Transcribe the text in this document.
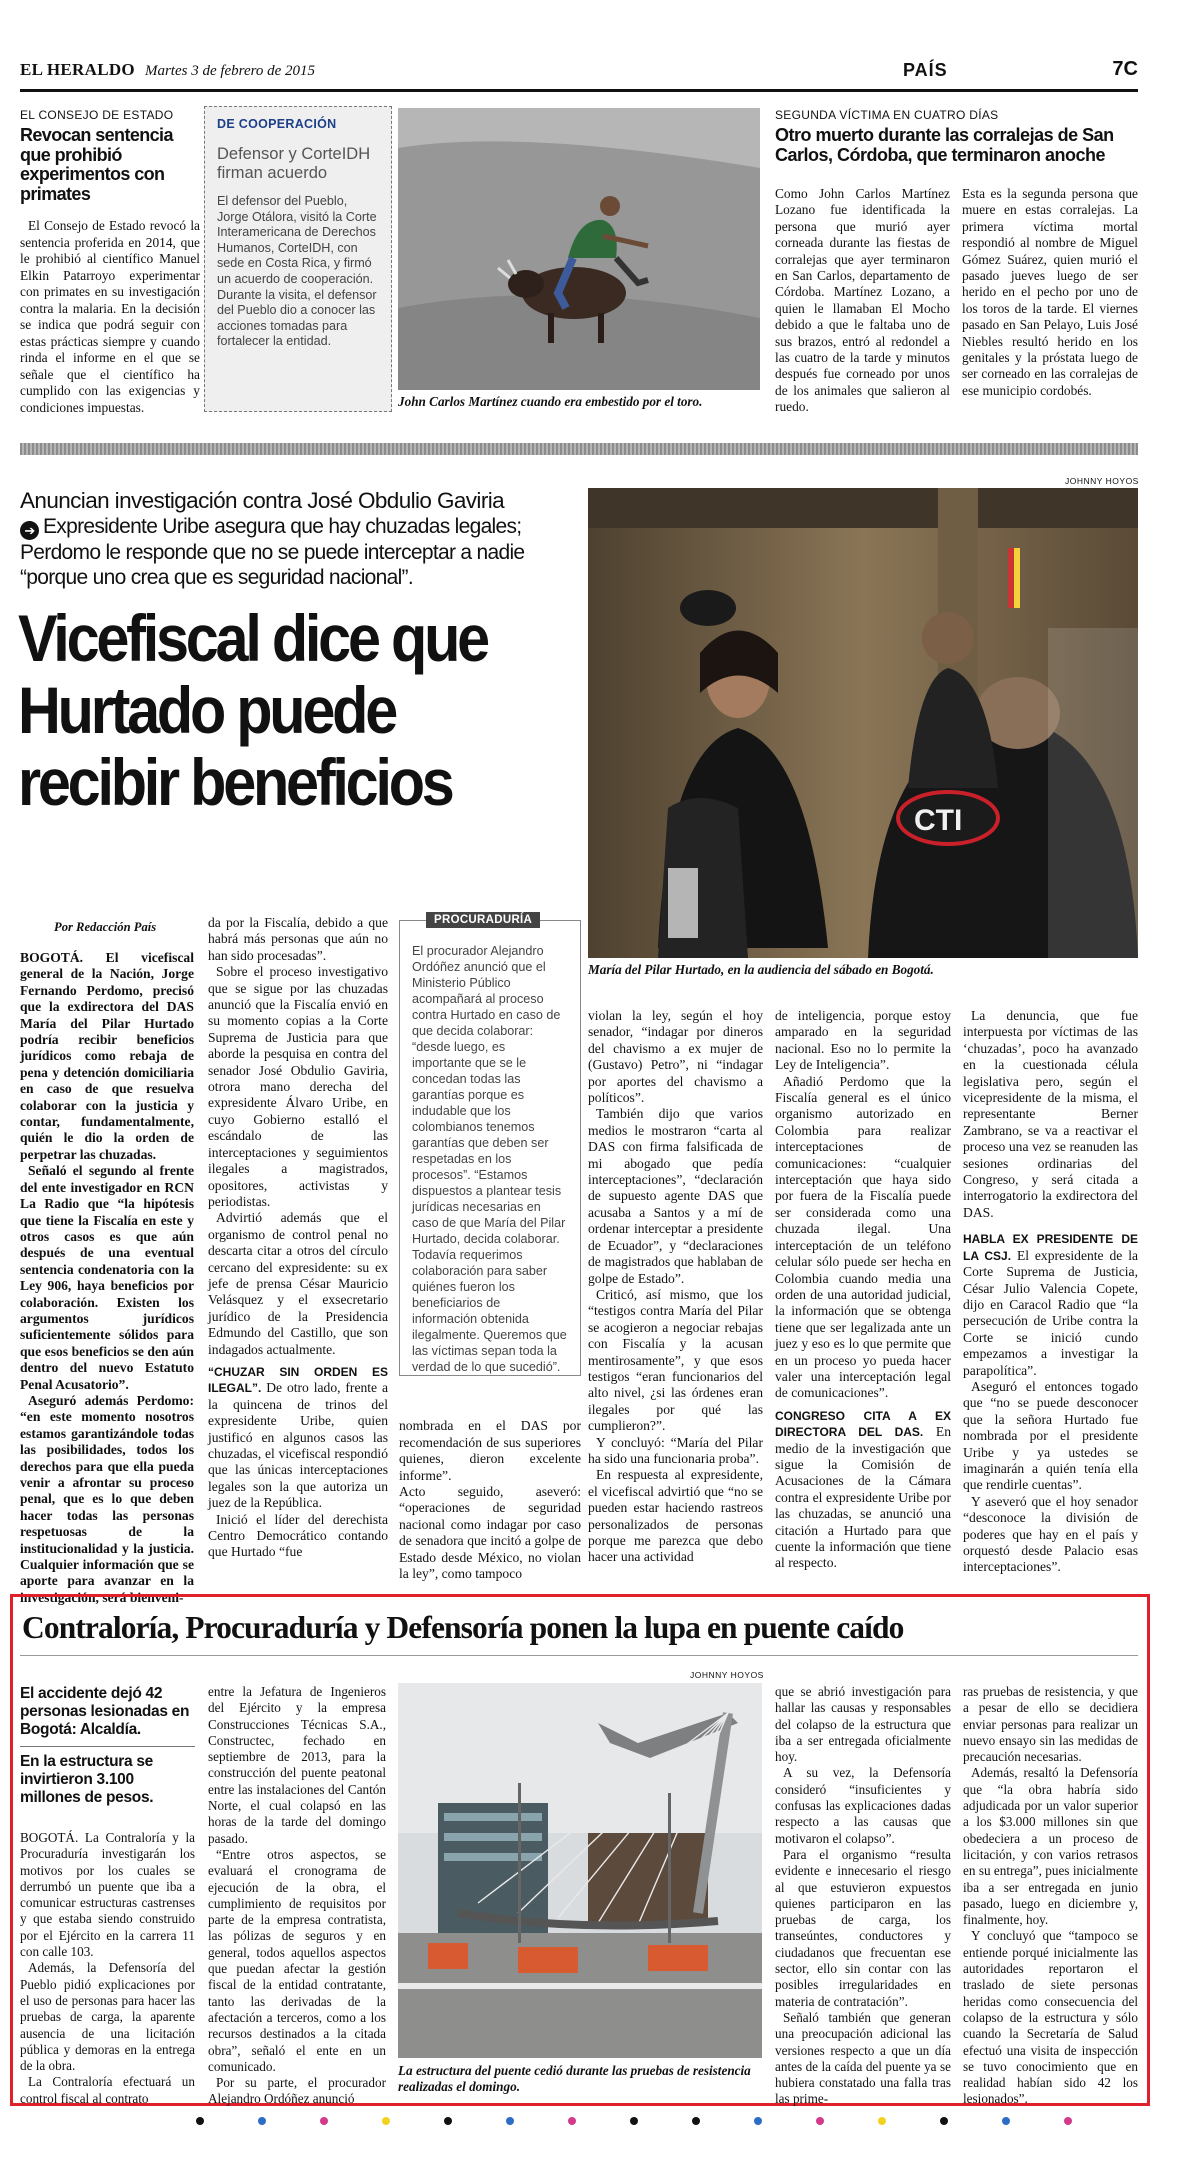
EL HERALDO Martes 3 de febrero de 2015	PAÍS	7C
EL CONSEJO DE ESTADO
Revocan sentencia que prohibió experimentos con primates

El Consejo de Estado revocó la sentencia proferida en 2014, que le prohibió al científico Manuel Elkin Patarroyo experimentar con primates en su investigación contra la malaria. En la decisión se indica que podrá seguir con estas prácticas siempre y cuando rinda el informe en el que se señale que el científico ha cumplido con las exigencias y condiciones impuestas.

DE COOPERACIÓN
Defensor y CorteIDH firman acuerdo
El defensor del Pueblo, Jorge Otálora, visitó la Corte Interamericana de Derechos Humanos, CorteIDH, con sede en Costa Rica, y firmó un acuerdo de cooperación. Durante la visita, el defensor del Pueblo dio a conocer las acciones tomadas para fortalecer la entidad.
John Carlos Martínez cuando era embestido por el toro.
SEGUNDA VÍCTIMA EN CUATRO DÍAS
Otro muerto durante las corralejas de San Carlos, Córdoba, que terminaron anoche

Como John Carlos Martínez Lozano fue identificada la persona que murió ayer corneada durante las fiestas de corralejas que ayer terminaron en San Carlos, departamento de Córdoba. Martínez Lozano, a quien le llamaban El Mocho debido a que le faltaba uno de sus brazos, entró al redondel a las cuatro de la tarde y minutos después fue corneado por unos de los animales que salieron al ruedo.

Esta es la segunda persona que muere en estas corralejas. La primera víctima mortal respondió al nombre de Miguel Gómez Suárez, quien murió el pasado jueves luego de ser herido en el pecho por uno de los toros de la tarde. El viernes pasado en San Pelayo, Luis José Niebles resultó herido en los genitales y la próstata luego de ser corneado en las corralejas de ese municipio cordobés.

JOHNNY HOYOS
Anuncian investigación contra José Obdulio Gaviria
➔ Expresidente Uribe asegura que hay chuzadas legales; Perdomo le responde que no se puede interceptar a nadie “porque uno crea que es seguridad nacional”.
Vicefiscal dice que Hurtado puede recibir beneficios
CTI
María del Pilar Hurtado, en la audiencia del sábado en Bogotá.
Por Redacción País

BOGOTÁ. El vicefiscal general de la Nación, Jorge Fernando Perdomo, precisó que la exdirectora del DAS María del Pilar Hurtado podría recibir beneficios jurídicos como rebaja de pena y detención domiciliaria en caso de que resuelva colaborar con la justicia y contar, fundamentalmente, quién le dio la orden de perpetrar las chuzadas.

Señaló el segundo al frente del ente investigador en RCN La Radio que “la hipótesis que tiene la Fiscalía en este y otros casos es que aún después de una eventual sentencia condenatoria con la Ley 906, haya beneficios por colaboración. Existen los argumentos jurídicos suficientemente sólidos para que esos beneficios se den aún dentro del nuevo Estatuto Penal Acusatorio”.

Aseguró además Perdomo: “en este momento nosotros estamos garantizándole todas las posibilidades, todos los derechos para que ella pueda venir a afrontar su proceso penal, que es lo que deben hacer todas las personas respetuosas de la institucionalidad y la justicia. Cualquier información que se aporte para avanzar en la investigación, será bienveni-

da por la Fiscalía, debido a que habrá más personas que aún no han sido procesadas”.

Sobre el proceso investigativo que se sigue por las chuzadas anunció que la Fiscalía envió en su momento copias a la Corte Suprema de Justicia para que aborde la pesquisa en contra del senador José Obdulio Gaviria, otrora mano derecha del expresidente Álvaro Uribe, en cuyo Gobierno estalló el escándalo de las interceptaciones y seguimientos ilegales a magistrados, opositores, activistas y periodistas.

Advirtió además que el organismo de control penal no descarta citar a otros del círculo cercano del expresidente: su ex jefe de prensa César Mauricio Velásquez y el exsecretario jurídico de la Presidencia Edmundo del Castillo, que son indagados actualmente.

“CHUZAR SIN ORDEN ES ILEGAL”. De otro lado, frente a la quincena de trinos del expresidente Uribe, quien justificó en algunos casos las chuzadas, el vicefiscal respondió que las únicas interceptaciones legales son la que autoriza un juez de la República.

Inició el líder del derechista Centro Democrático contando que Hurtado “fue

PROCURADURÍA
El procurador Alejandro Ordóñez anunció que el Ministerio Público acompañará al proceso contra Hurtado en caso de que decida colaborar: “desde luego, es importante que se le concedan todas las garantías porque es indudable que los colombianos tenemos garantías que deben ser respetadas en los procesos”. “Estamos dispuestos a plantear tesis jurídicas necesarias en caso de que María del Pilar Hurtado, decida colaborar. Todavía requerimos colaboración para saber quiénes fueron los beneficiarios de información obtenida ilegalmente. Queremos que las víctimas sepan toda la verdad de lo que sucedió”.

nombrada en el DAS por recomendación de sus superiores quienes, dieron excelente informe”.
Acto seguido, aseveró: “operaciones de seguridad nacional como indagar por caso de senadora que incitó a golpe de Estado desde México, no violan la ley”, como tampoco

violan la ley, según el hoy senador, “indagar por dineros del chavismo a ex mujer de (Gustavo) Petro”, ni “indagar por aportes del chavismo a políticos”.

También dijo que varios medios le mostraron “carta al DAS con firma falsificada de mi abogado que pedía interceptaciones”, “declaración de supuesto agente DAS que acusaba a Santos y a mí de ordenar interceptar a presidente de Ecuador”, y “declaraciones de magistrados que hablaban de golpe de Estado”.

Criticó, así mismo, que los “testigos contra María del Pilar se acogieron a negociar rebajas con Fiscalía y la acusan mentirosamente”, y que esos testigos “eran funcionarios del alto nivel, ¿si las órdenes eran ilegales por qué las cumplieron?”.

Y concluyó: “María del Pilar ha sido una funcionaria proba”.

En respuesta al expresidente, el vicefiscal advirtió que “no se pueden estar haciendo rastreos personalizados de personas porque me parezca que debo hacer una actividad

de inteligencia, porque estoy amparado en la seguridad nacional. Eso no lo permite la Ley de Inteligencia”.

Añadió Perdomo que la Fiscalía general es el único organismo autorizado en Colombia para realizar interceptaciones de comunicaciones: “cualquier interceptación que haya sido por fuera de la Fiscalía puede ser considerada como una chuzada ilegal. Una interceptación de un teléfono celular sólo puede ser hecha en Colombia cuando media una orden de una autoridad judicial, la información que se obtenga tiene que ser legalizada ante un juez y eso es lo que permite que en un proceso yo pueda hacer valer una interceptación legal de comunicaciones”.

CONGRESO CITA A EX DIRECTORA DEL DAS. En medio de la investigación que sigue la Comisión de Acusaciones de la Cámara contra el expresidente Uribe por las chuzadas, se anunció una citación a Hurtado para que cuente la información que tiene al respecto.

La denuncia, que fue interpuesta por víctimas de las ‘chuzadas’, poco ha avanzado en la cuestionada célula legislativa pero, según el vicepresidente de la misma, el representante Berner Zambrano, se va a reactivar el proceso una vez se reanuden las sesiones ordinarias del Congreso, y será citada a interrogatorio la exdirectora del DAS.

HABLA EX PRESIDENTE DE LA CSJ. El expresidente de la Corte Suprema de Justicia, César Julio Valencia Copete, dijo en Caracol Radio que “la persecución de Uribe contra la Corte se inició cundo empezamos a investigar la parapolítica”.

Aseguró el entonces togado que “no se puede desconocer que la señora Hurtado fue nombrada por el presidente Uribe y ya ustedes se imaginarán a quién tenía ella que rendirle cuentas”.

Y aseveró que el hoy senador “desconoce la división de poderes que hay en el país y orquestó desde Palacio esas interceptaciones”.

Contraloría, Procuraduría y Defensoría ponen la lupa en puente caído
El accidente dejó 42 personas lesionadas en Bogotá: Alcaldía.
En la estructura se invirtieron 3.100 millones de pesos.

BOGOTÁ. La Contraloría y la Procuraduría investigarán los motivos por los cuales se derrumbó un puente que iba a comunicar estructuras castrenses y que estaba siendo construido por el Ejército en la carrera 11 con calle 103.

Además, la Defensoría del Pueblo pidió explicaciones por el uso de personas para hacer las pruebas de carga, la aparente ausencia de una licitación pública y demoras en la entrega de la obra.

La Contraloría efectuará un control fiscal al contrato

entre la Jefatura de Ingenieros del Ejército y la empresa Construcciones Técnicas S.A., Constructec, fechado en septiembre de 2013, para la construcción del puente peatonal entre las instalaciones del Cantón Norte, el cual colapsó en las horas de la tarde del domingo pasado.

“Entre otros aspectos, se evaluará el cronograma de ejecución de la obra, el cumplimiento de requisitos por parte de la empresa contratista, las pólizas de seguros y en general, todos aquellos aspectos que puedan afectar la gestión fiscal de la entidad contratante, tanto las derivadas de la afectación a terceros, como a los recursos destinados a la citada obra”, señaló el ente en un comunicado.

Por su parte, el procurador Alejandro Ordóñez anunció

JOHNNY HOYOS
La estructura del puente cedió durante las pruebas de resistencia realizadas el domingo.

que se abrió investigación para hallar las causas y responsables del colapso de la estructura que iba a ser entregada oficialmente hoy.

A su vez, la Defensoría consideró “insuficientes y confusas las explicaciones dadas respecto a las causas que motivaron el colapso”.

Para el organismo “resulta evidente e innecesario el riesgo al que estuvieron expuestos quienes participaron en las pruebas de carga, los transeúntes, conductores y ciudadanos que frecuentan ese sector, ello sin contar con las posibles irregularidades en materia de contratación”.

Señaló también que generan una preocupación adicional las versiones respecto a que un día antes de la caída del puente ya se hubiera constatado una falla tras las prime-

ras pruebas de resistencia, y que a pesar de ello se decidiera enviar personas para realizar un nuevo ensayo sin las medidas de precaución necesarias.

Además, resaltó la Defensoría que “la obra habría sido adjudicada por un valor superior a los $3.000 millones sin que obedeciera a un proceso de licitación, y con varios retrasos en su entrega”, pues inicialmente iba a ser entregada en junio pasado, luego en diciembre y, finalmente, hoy.

Y concluyó que “tampoco se entiende porqué inicialmente las autoridades reportaron el traslado de siete personas heridas como consecuencia del colapso de la estructura y sólo cuando la Secretaría de Salud efectuó una visita de inspección se tuvo conocimiento que en realidad habían sido 42 los lesionados”.
